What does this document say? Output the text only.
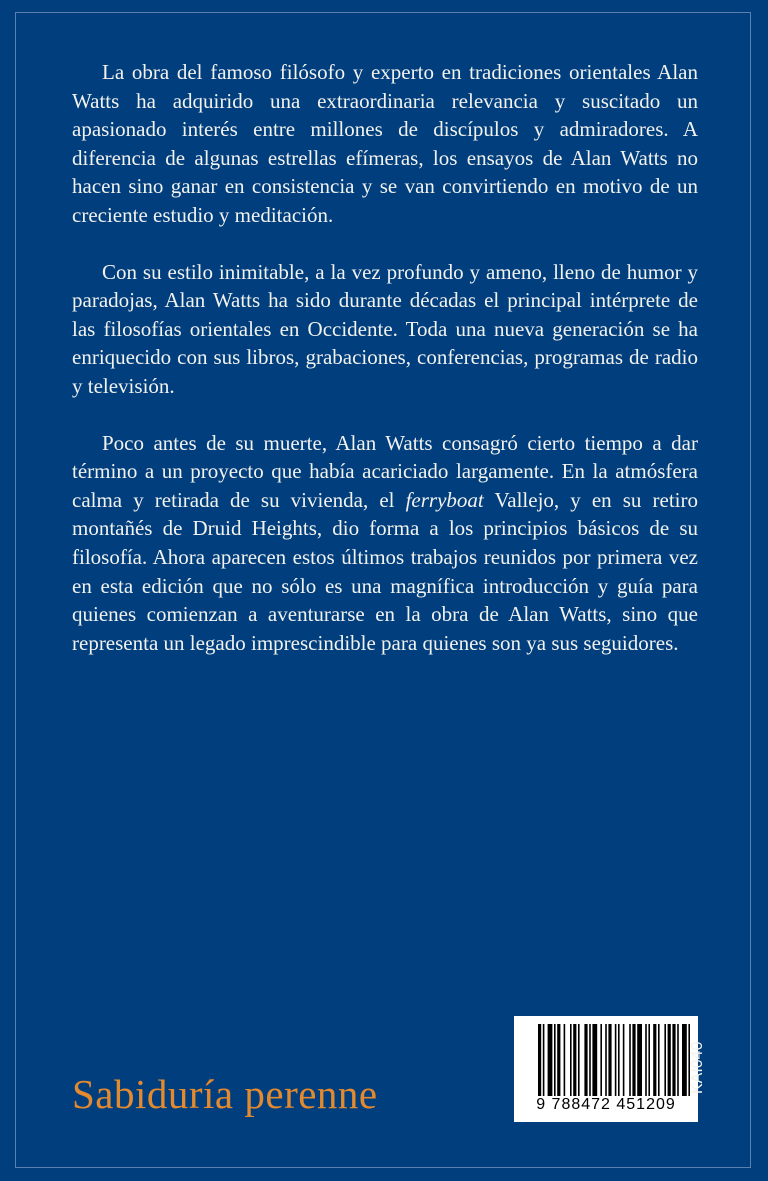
La obra del famoso filósofo y experto en tradiciones orientales Alan Watts ha adquirido una extraordinaria relevancia y suscitado un apasionado interés entre millones de discípulos y admiradores. A diferencia de algunas estrellas efímeras, los ensayos de Alan Watts no hacen sino ganar en consistencia y se van convirtiendo en motivo de un creciente estudio y meditación.

Con su estilo inimitable, a la vez profundo y ameno, lleno de humor y paradojas, Alan Watts ha sido durante décadas el principal intérprete de las filosofías orientales en Occidente. Toda una nueva generación se ha enriquecido con sus libros, grabaciones, conferencias, programas de radio y televisión.

Poco antes de su muerte, Alan Watts consagró cierto tiempo a dar término a un proyecto que había acariciado largamente. En la atmósfera calma y retirada de su vivienda, el ferryboat Vallejo, y en su retiro montañés de Druid Heights, dio forma a los principios básicos de su filosofía. Ahora aparecen estos últimos trabajos reunidos por primera vez en esta edición que no sólo es una magnífica introducción y guía para quienes comienzan a aventurarse en la obra de Alan Watts, sino que representa un legado imprescindible para quienes son ya sus seguidores.

Sabiduría perenne	9 788472 451209
KAI040
